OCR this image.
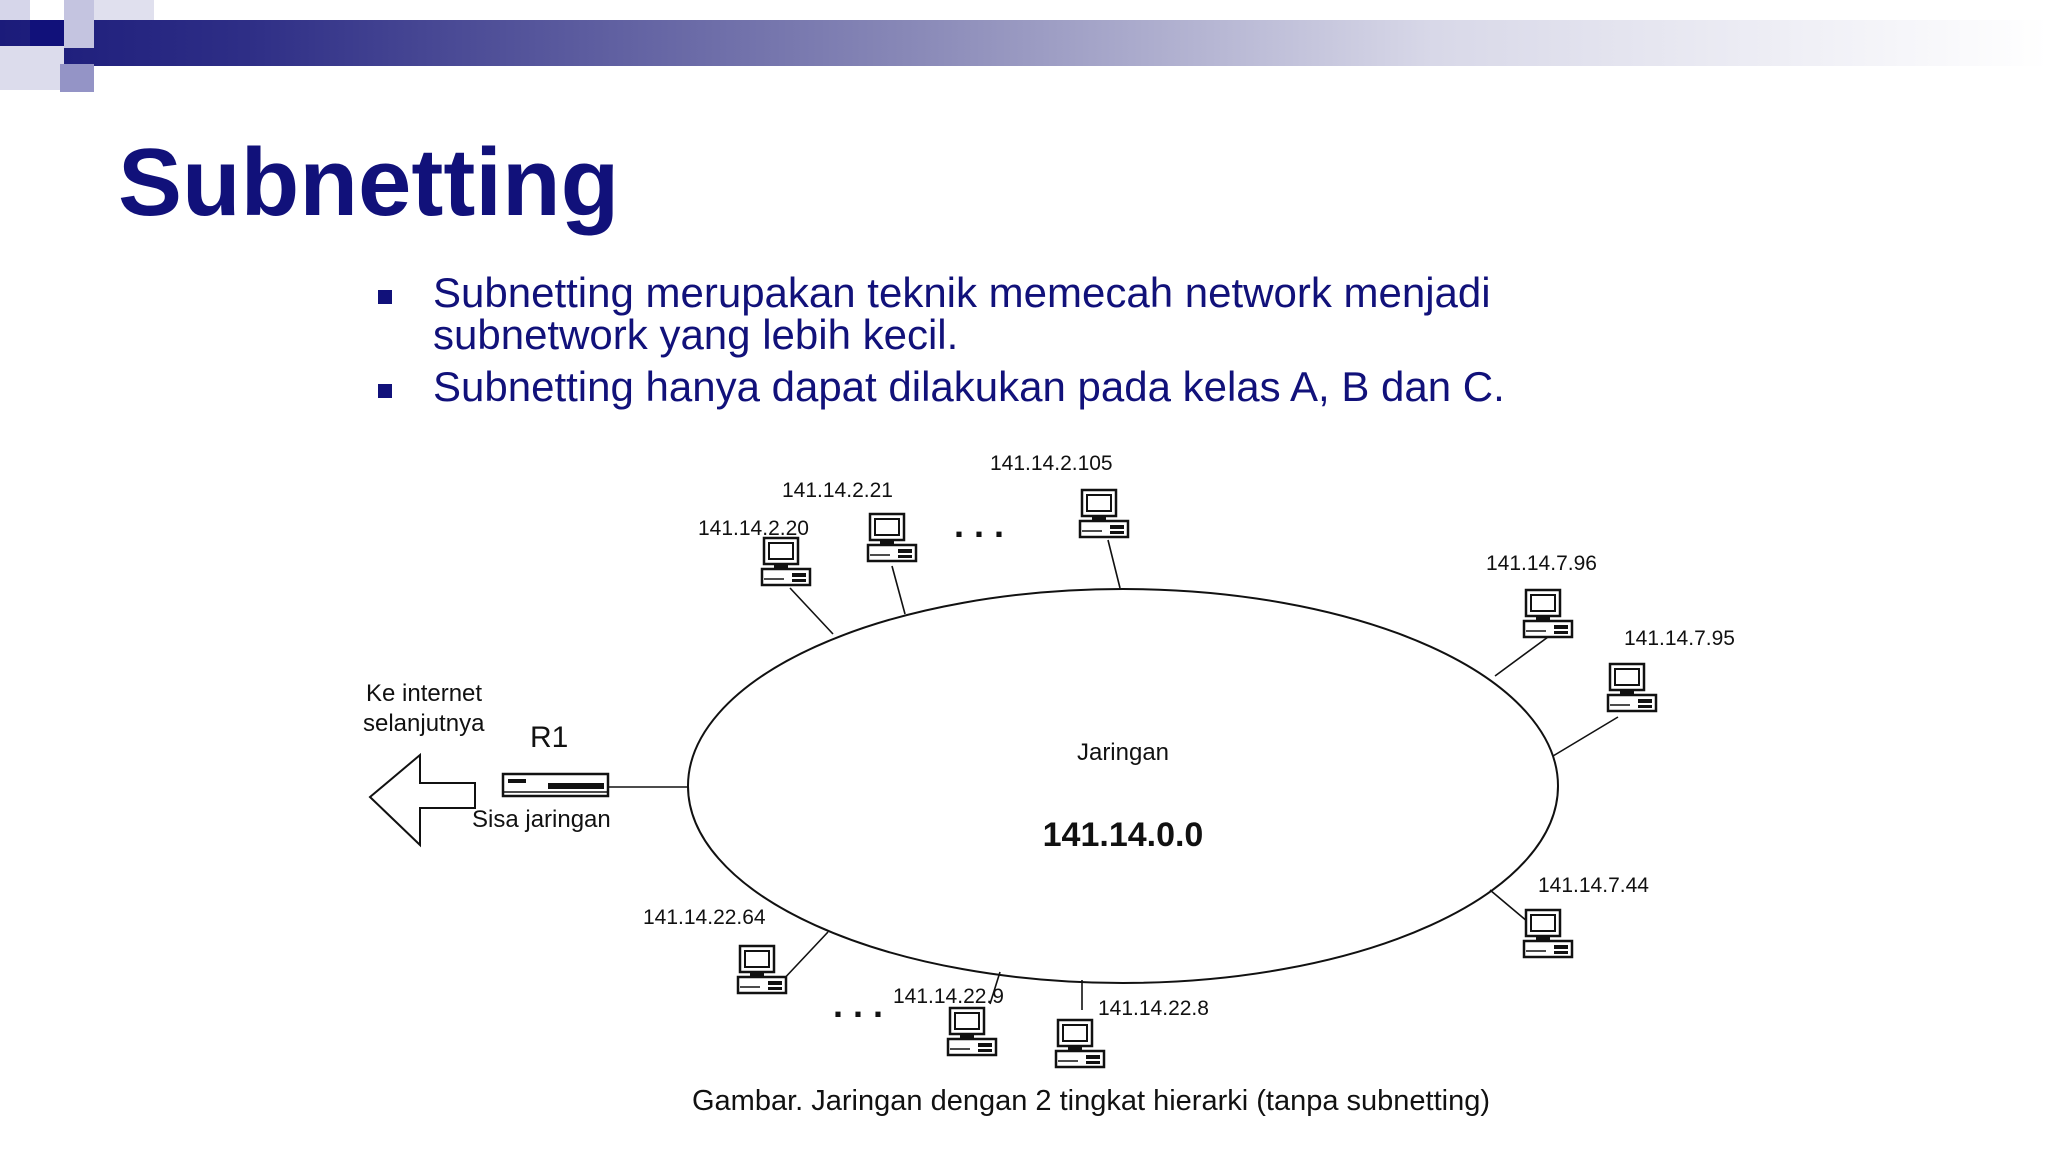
Subnetting
Subnetting merupakan teknik memecah network menjadi subnetwork yang lebih kecil.
Subnetting hanya dapat dilakukan pada kelas A, B dan C.
141.14.2.20
141.14.2.21
141.14.2.105
141.14.7.96
141.14.7.95
141.14.7.44
141.14.22.8
141.14.22.9
141.14.22.64
. . .
. . .
Jaringan
141.14.0.0
R1
Sisa jaringan
Ke internet
selanjutnya
Gambar. Jaringan dengan 2 tingkat hierarki (tanpa subnetting)
